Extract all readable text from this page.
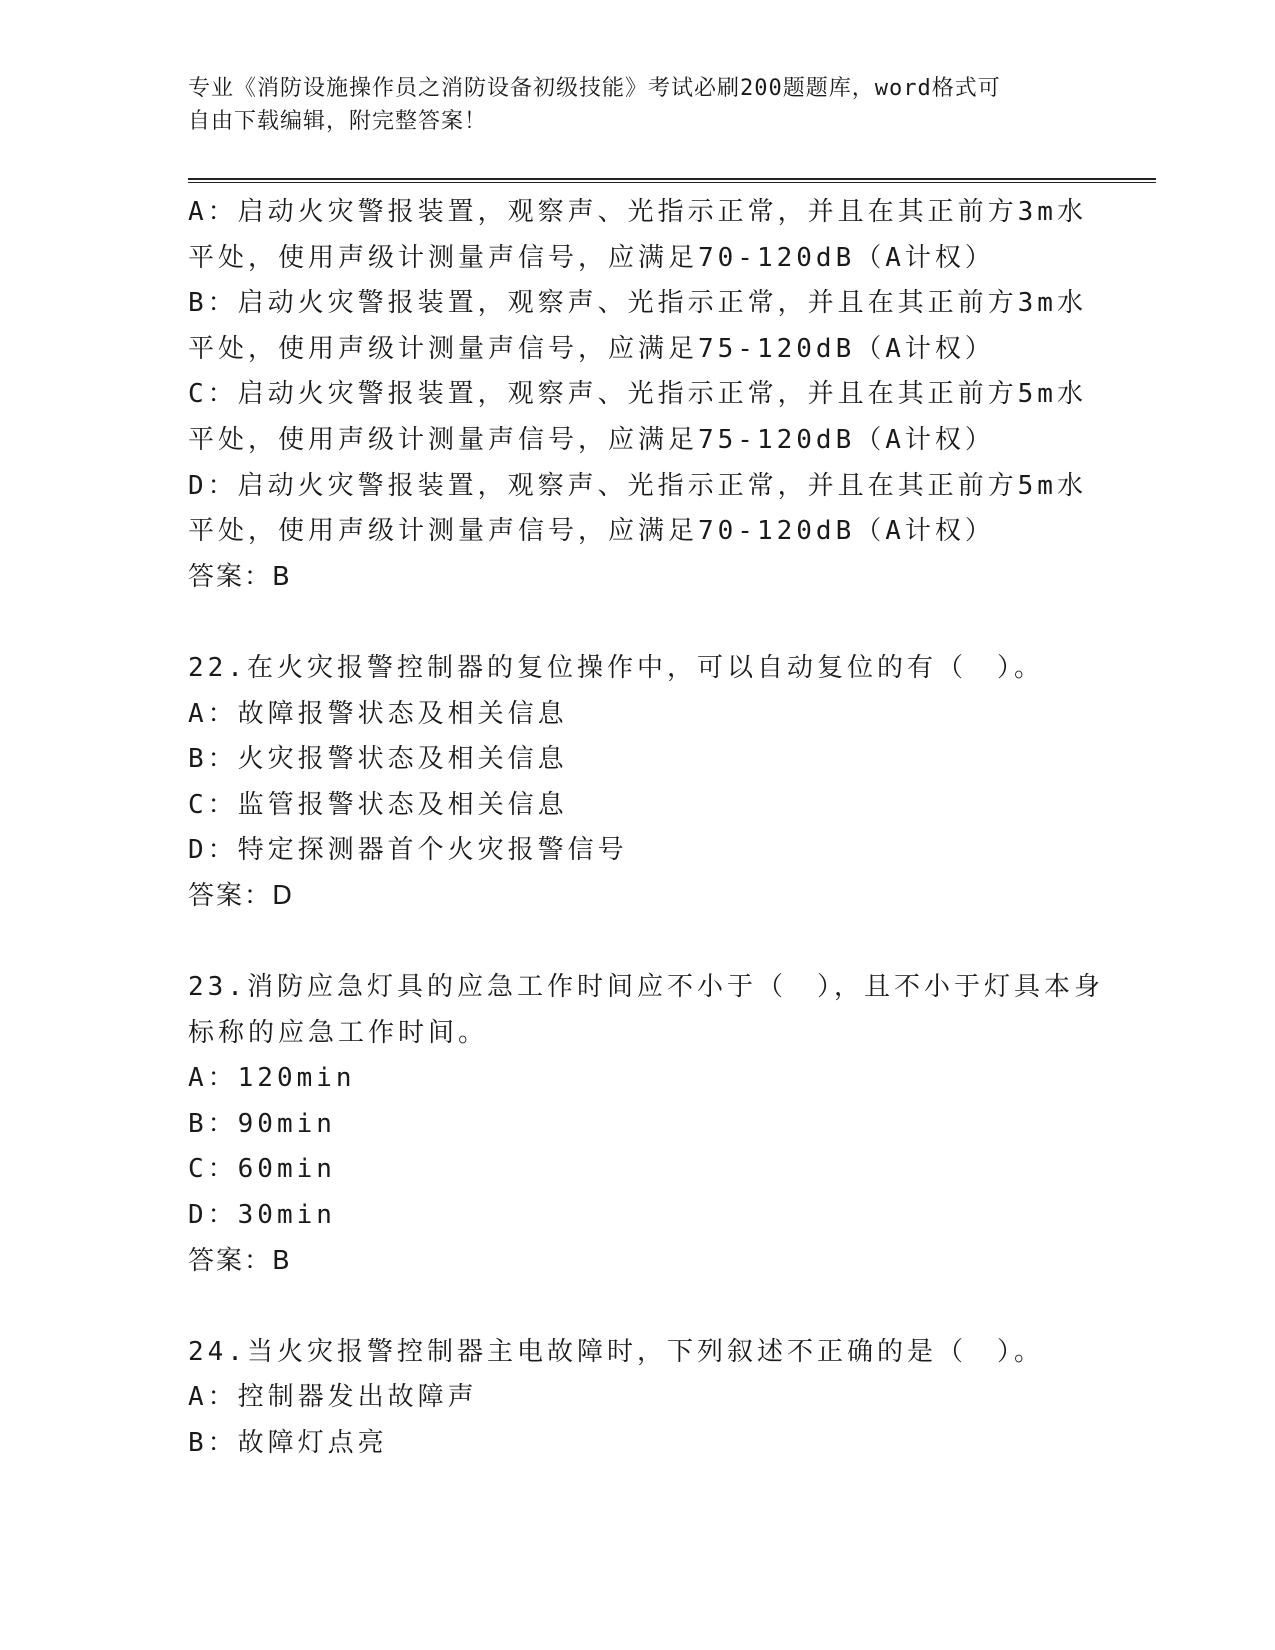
专业《消防设施操作员之消防设备初级技能》考试必刷200题题库，word格式可
自由下载编辑，附完整答案！
A：启动火灾警报装置，观察声、光指示正常，并且在其正前方3m水
平处，使用声级计测量声信号，应满足70-120dB（A计权）
B：启动火灾警报装置，观察声、光指示正常，并且在其正前方3m水
平处，使用声级计测量声信号，应满足75-120dB（A计权）
C：启动火灾警报装置，观察声、光指示正常，并且在其正前方5m水
平处，使用声级计测量声信号，应满足75-120dB（A计权）
D：启动火灾警报装置，观察声、光指示正常，并且在其正前方5m水
平处，使用声级计测量声信号，应满足70-120dB（A计权）
答案：B
22.在火灾报警控制器的复位操作中，可以自动复位的有（　）。
A：故障报警状态及相关信息
B：火灾报警状态及相关信息
C：监管报警状态及相关信息
D：特定探测器首个火灾报警信号
答案：D
23.消防应急灯具的应急工作时间应不小于（　），且不小于灯具本身
标称的应急工作时间。
A：120min
B：90min
C：60min
D：30min
答案：B
24.当火灾报警控制器主电故障时，下列叙述不正确的是（　）。
A：控制器发出故障声
B：故障灯点亮
